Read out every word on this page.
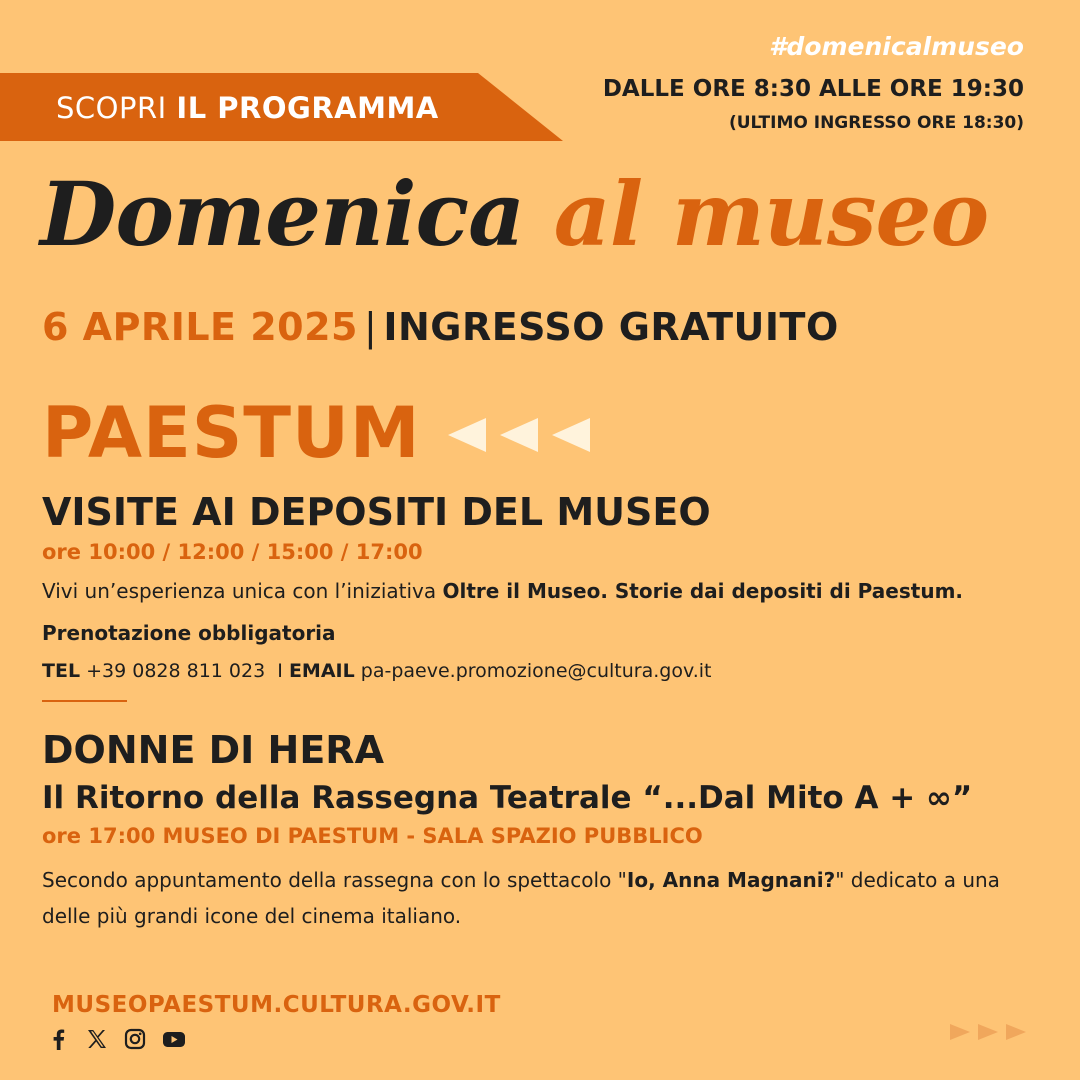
#domenicalmuseo
DALLE ORE 8:30 ALLE ORE 19:30
(ULTIMO INGRESSO ORE 18:30)
SCOPRI IL PROGRAMMA
Domenica al museo
6 APRILE 2025 | INGRESSO GRATUITO
PAESTUM
VISITE AI DEPOSITI DEL MUSEO
ore 10:00 / 12:00 / 15:00 / 17:00
Vivi un’esperienza unica con l’iniziativa Oltre il Museo. Storie dai depositi di Paestum.
Prenotazione obbligatoria
TEL +39 0828 811 023 I EMAIL pa-paeve.promozione@cultura.gov.it
DONNE DI HERA
Il Ritorno della Rassegna Teatrale “...Dal Mito A + ∞”
ore 17:00 MUSEO DI PAESTUM - SALA SPAZIO PUBBLICO
Secondo appuntamento della rassegna con lo spettacolo "Io, Anna Magnani?" dedicato a una delle più grandi icone del cinema italiano.
MUSEOPAESTUM.CULTURA.GOV.IT
